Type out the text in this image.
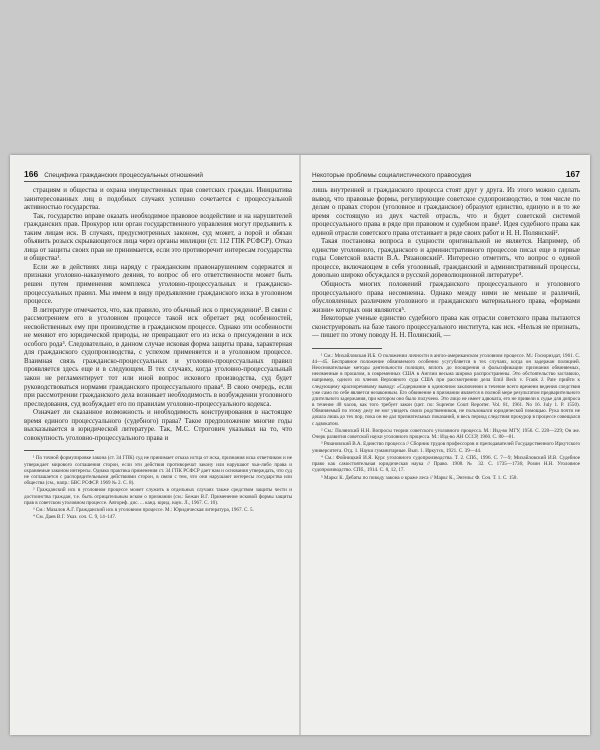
166 Специфика гражданских процессуальных отношений

страциям и общества и охрана имущественных прав советских граждан. Инициатива заинтересованных лиц в подобных случаях успешно сочетается с процессуальной активностью государства.

Так, государство вправе оказать необходимое правовое воздействие и на нарушителей гражданских прав. Прокурор или орган государственного управления могут предъявить к таким лицам иск. В случаях, предусмотренных законом, суд может, а порой и обязан объявить розыск скрывающегося лица через органы милиции (ст. 112 ГПК РСФСР). Отказ лица от защиты своих прав не принимается, если это противоречит интересам государства и общества¹.

Если же в действиях лица наряду с гражданским правонарушением содержатся и признаки уголовно-наказуемого деяния, то вопрос об его ответственности может быть решен путем применения комплекса уголовно-процессуальных и гражданско-процессуальных правил. Мы имеем в виду предъявление гражданского иска в уголовном процессе.

В литературе отмечается, что, как правило, это обычный иск о присуждении². В связи с рассмотрением его в уголовном процессе такой иск обретает ряд особенностей, несвойственных ему при производстве в гражданском процессе. Однако эти особенности не меняют его юридической природы, не превращают его из иска о присуждении в иск особого рода³. Следовательно, в данном случае исковая форма защиты права, характерная для гражданского судопроизводства, с успехом применяется и в уголовном процессе. Взаимная связь гражданско-процессуальных и уголовно-процессуальных правил проявляется здесь еще и в следующем. В тех случаях, когда уголовно-процессуальный закон не регламентирует тот или иной вопрос искового производства, суд будет руководствоваться нормами гражданского процессуального права⁴. В свою очередь, если при рассмотрении гражданского дела возникает необходимость в возбуждении уголовного преследования, суд возбуждает его по правилам уголовно-процессуального кодекса.

Означает ли сказанное возможность и необходимость конструирования в настоящее время единого процессуального (судебного) права? Такое предположение многие годы высказывается в юридической литературе. Так, М.С. Строгович указывал на то, что совокупность уголовно-процессуального права и

¹ По точной формулировке закона (ст. 34 ГПК) суд не принимает отказа истца от иска, признания иска ответчиком и не утверждает мирового соглашения сторон, если эти действия противоречат закону или нарушают чьи-либо права и охраняемые законом интересы. Однако практика применения ст. 34 ГПК РСФСР дает нам и основания утверждать, что суд не соглашается с распорядительными действиями сторон, в связи с тем, что они нарушают интересы государства или общества (см., напр.: БВС РСФСР. 1969 № 2. С. 8).

² Гражданский иск в уголовном процессе может служить в отдельных случаях также средством защиты чести и достоинства граждан, т.е. быть отрицательным иском о признании (см.: Бежан В.Г. Применение исковой формы защиты прав в советском уголовном процессе. Автореф. дис. ... канд. юрид. наук. Л., 1967. С. 10).

³ См.: Мазалов А.Г. Гражданский иск в уголовном процессе. М.: Юридическая литература, 1967. С. 5.

⁴ См. Даев В.Г. Указ. соч. С. 9, 14–147.

Некоторые проблемы социалистического правосудия	167

лишь внутренней и гражданского процесса стоят друг у друга. Из этого можно сделать вывод, что правовые формы, регулирующие советское судопроизводство, в том числе по делам о правах сторон (уголовное и гражданское) образуют единство, единую и в то же время состоящую из двух частей отрасль, что и будет советской системой процессуального права в ряде при правовом и судебном праве¹. Идея судебного права как единой отрасли советского права отстаивает в ряде своих работ и Н. Н. Полянский².

Такая постановка вопроса в сущности оригинальной не является. Например, об единстве уголовного, гражданского и административного процессов писал еще в первые годы Советской власти В.А. Рязановский³. Интересно отметить, что вопрос о единой процессе, включающем в себя уголовный, гражданский и административный процессы, довольно широко обсуждался в русской дореволюционной литературе⁴.

Общность многих положений гражданского процессуального и уголовного процессуального права несомненна. Однако между ними не меньше и различий, обусловленных различием уголовного и гражданского материального права, «формами жизни» которых они являются⁵.

Некоторые ученые единство судебного права как отрасли советского права пытаются сконструировать на базе такого процессуального института, как иск. «Нельзя не признать, — пишет по этому поводу Н. Н. Полянский, —

¹ См.: Михайловская И.Б. О положении личности в англо-американском уголовном процессе. М.: Госюриздат, 1961. С. 44—45. Бесправное положение обвиняемого особенно усугубляется в тех случаях, когда он задержан полицией. Неосновательные методы деятельности полиции, вплоть до поощрения и фальсификации признания обвиняемых, неизменные в прошлом, в современных США в Англии весьма широко распространены. Это обстоятельство заставило, например, одного из членов Верховного суда США при рассмотрении дела Emil Beck v. Frank J. Pate прийти к следующему красноречивому выводу: «Содержание в одиночном заключении в течение всего времени ведения следствия уже само по себе является незаконным. Его обвинение в признании является в полной мере результатом предварительного длительного задержания, при котором оно было получено. Это лицо не имеет адвоката, его не привели к судье для допроса в течение 48 часов, как того требует закон (цит. по: Supreme Court Reporter. Vol. 81, 1961. No 16. July 1. P. 1550). Обвиняемый по этому делу не мог увидеть своих родственников, не пользовался юридической помощью. Рука почти не дошла лишь до тех пор, пока он не дал признательных показаний, и весь период следствия прокурор в процессе совещался с адвокатом.

² См.: Полянский Н.Н. Вопросы теории советского уголовного процесса. М.: Изд-во МГУ, 1956. С. 220—229; Он же. Очерк развития советской науки уголовного процесса. М.: Изд-во АН СССР, 1960. С. 80—81.

³ Рязановский В.А. Единство процесса // Сборник трудов профессоров и преподавателей Государственного Иркутского университета. Отд. 1. Науки гуманитарные. Вып. 1. Иркутск, 1921. С. 39—44.

⁴ См.: Фойницкий И.Я. Курс уголовного судопроизводства. Т. 2. СПб., 1996. С. 7—9; Михайловский И.В. Судебное право как самостоятельная юридическая наука // Право. 1908. № 32. С. 1735—1736; Розин Н.Н. Уголовное судопроизводство. СПб., 1914. С. 8, 12, 17.

⁵ Маркс К. Дебаты по поводу закона о краже леса // Маркс К., Энгельс Ф. Соч. Т. 1. С. 158.
